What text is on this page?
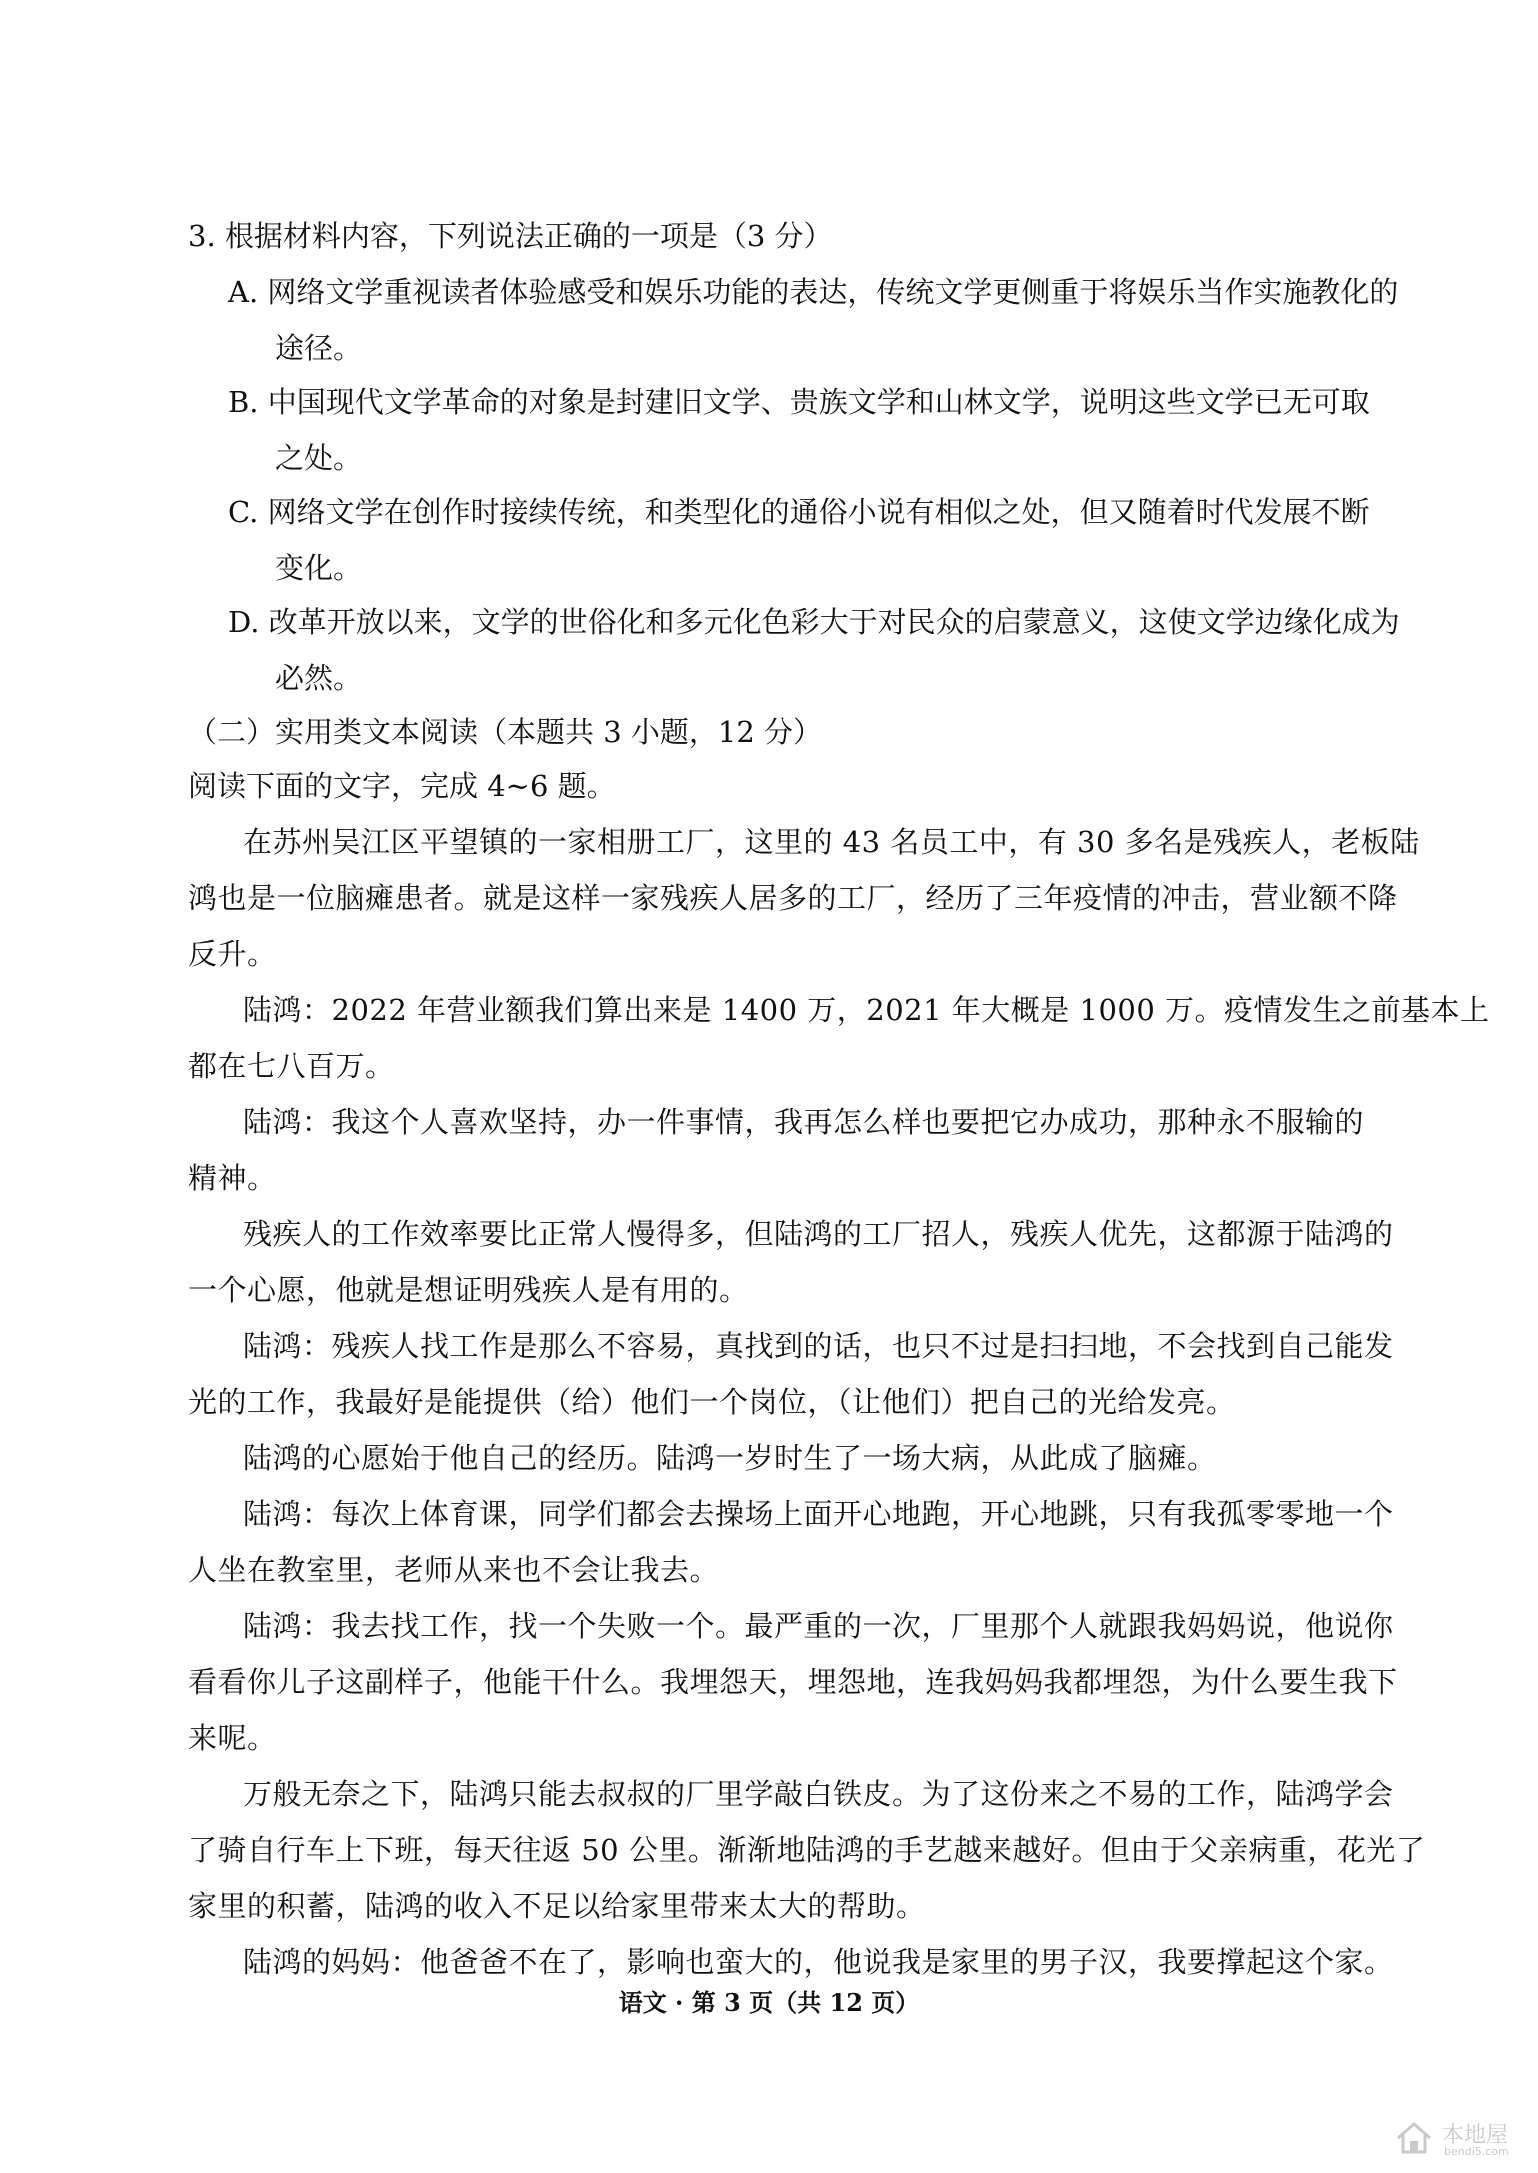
3. 根据材料内容，下列说法正确的一项是（3 分）
A. 网络文学重视读者体验感受和娱乐功能的表达，传统文学更侧重于将娱乐当作实施教化的
途径。
B. 中国现代文学革命的对象是封建旧文学、贵族文学和山林文学，说明这些文学已无可取
之处。
C. 网络文学在创作时接续传统，和类型化的通俗小说有相似之处，但又随着时代发展不断
变化。
D. 改革开放以来，文学的世俗化和多元化色彩大于对民众的启蒙意义，这使文学边缘化成为
必然。
（二）实用类文本阅读（本题共 3 小题，12 分）
阅读下面的文字，完成 4~6 题。
在苏州吴江区平望镇的一家相册工厂，这里的 43 名员工中，有 30 多名是残疾人，老板陆
鸿也是一位脑瘫患者。就是这样一家残疾人居多的工厂，经历了三年疫情的冲击，营业额不降
反升。
陆鸿：2022 年营业额我们算出来是 1400 万，2021 年大概是 1000 万。疫情发生之前基本上
都在七八百万。
陆鸿：我这个人喜欢坚持，办一件事情，我再怎么样也要把它办成功，那种永不服输的
精神。
残疾人的工作效率要比正常人慢得多，但陆鸿的工厂招人，残疾人优先，这都源于陆鸿的
一个心愿，他就是想证明残疾人是有用的。
陆鸿：残疾人找工作是那么不容易，真找到的话，也只不过是扫扫地，不会找到自己能发
光的工作，我最好是能提供（给）他们一个岗位，（让他们）把自己的光给发亮。
陆鸿的心愿始于他自己的经历。陆鸿一岁时生了一场大病，从此成了脑瘫。
陆鸿：每次上体育课，同学们都会去操场上面开心地跑，开心地跳，只有我孤零零地一个
人坐在教室里，老师从来也不会让我去。
陆鸿：我去找工作，找一个失败一个。最严重的一次，厂里那个人就跟我妈妈说，他说你
看看你儿子这副样子，他能干什么。我埋怨天，埋怨地，连我妈妈我都埋怨，为什么要生我下
来呢。
万般无奈之下，陆鸿只能去叔叔的厂里学敲白铁皮。为了这份来之不易的工作，陆鸿学会
了骑自行车上下班，每天往返 50 公里。渐渐地陆鸿的手艺越来越好。但由于父亲病重，花光了
家里的积蓄，陆鸿的收入不足以给家里带来太大的帮助。
陆鸿的妈妈：他爸爸不在了，影响也蛮大的，他说我是家里的男子汉，我要撑起这个家。
语文 · 第 3 页（共 12 页）
本地屋
bendi5.com
